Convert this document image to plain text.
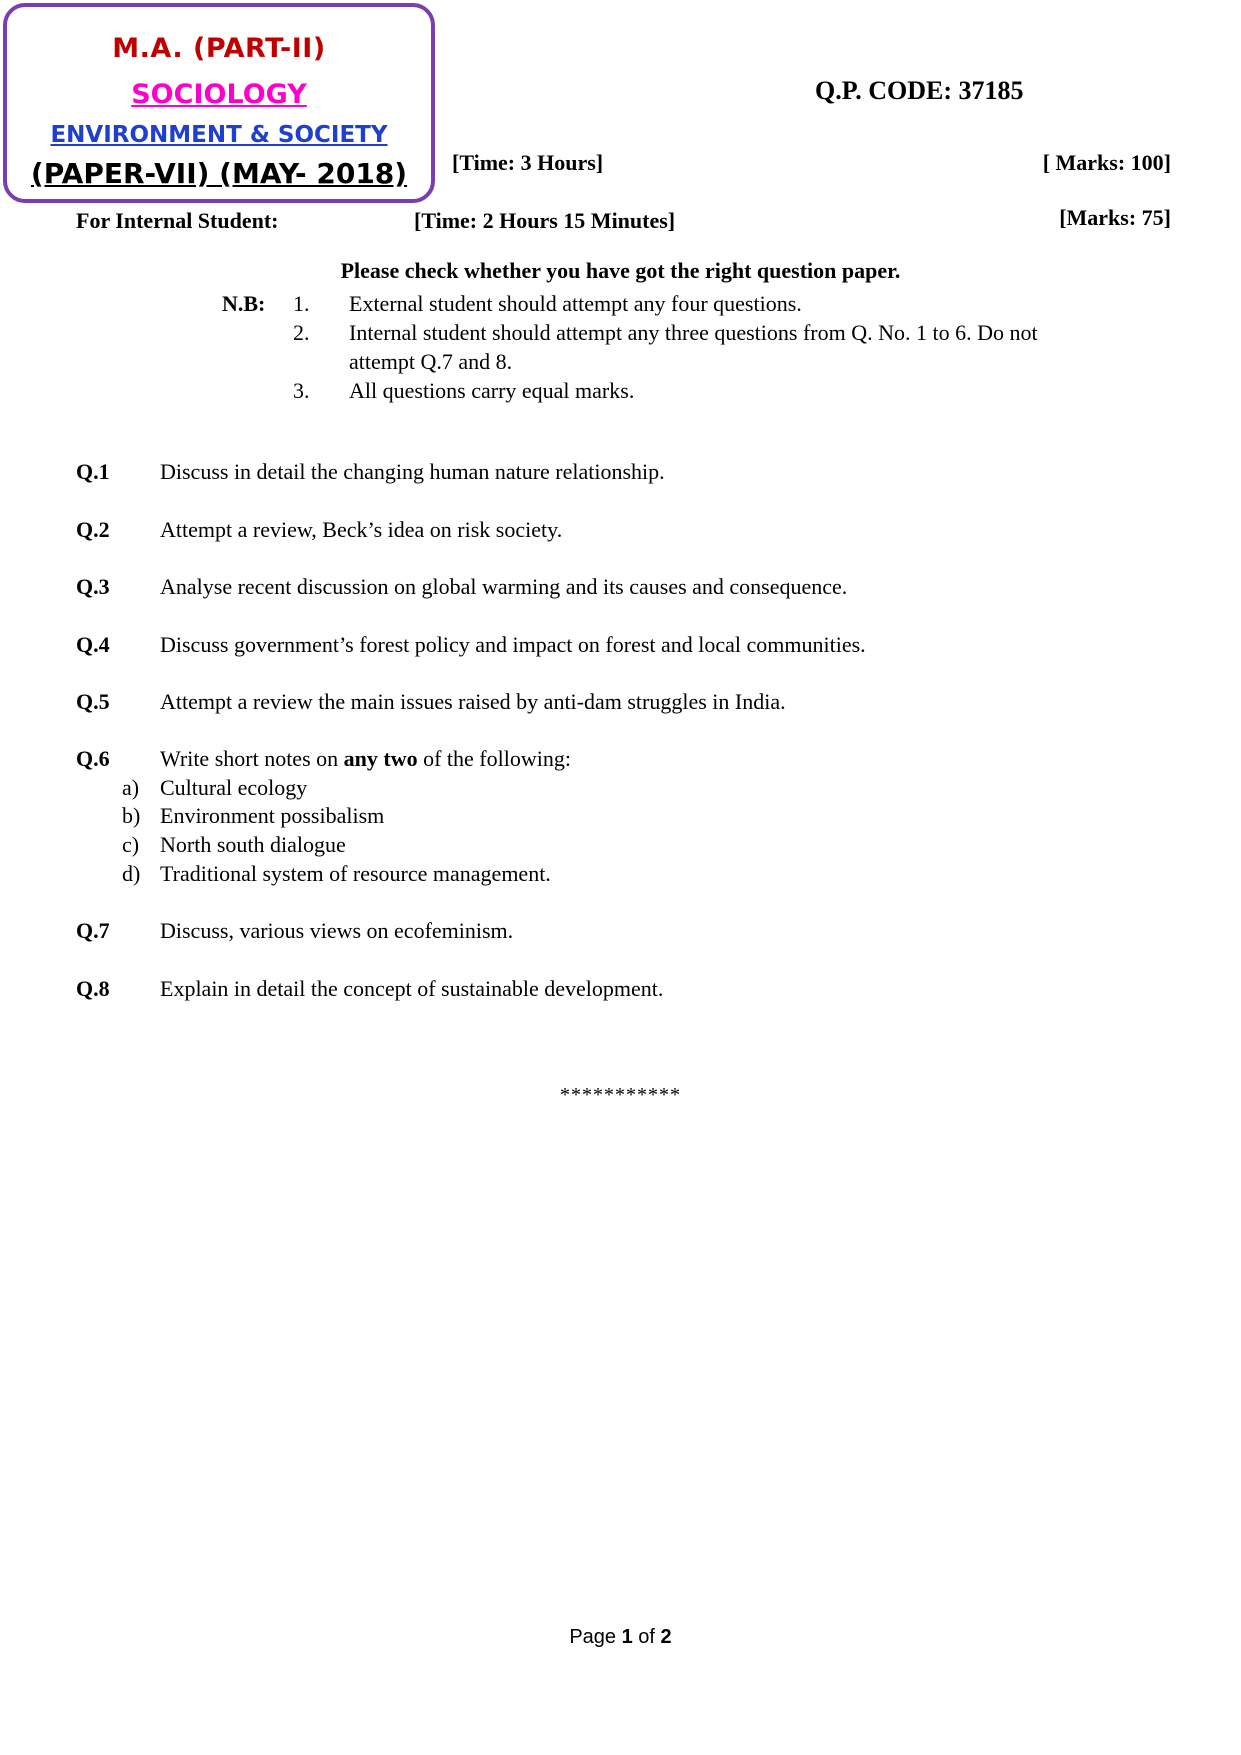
M.A. (PART-II)
SOCIOLOGY
ENVIRONMENT & SOCIETY
(PAPER-VII) (MAY- 2018)
Q.P. CODE: 37185
[Time: 3 Hours]	[ Marks: 100]
For Internal Student:	[Time: 2 Hours 15 Minutes]	[Marks: 75]
Please check whether you have got the right question paper.
N.B: 1. External student should attempt any four questions.
2. Internal student should attempt any three questions from Q. No. 1 to 6. Do not
attempt Q.7 and 8.
3. All questions carry equal marks.
Q.1 Discuss in detail the changing human nature relationship.
Q.2 Attempt a review, Beck’s idea on risk society.
Q.3 Analyse recent discussion on global warming and its causes and consequence.
Q.4 Discuss government’s forest policy and impact on forest and local communities.
Q.5 Attempt a review the main issues raised by anti-dam struggles in India.
Q.6 Write short notes on any two of the following:
a) Cultural ecology
b) Environment possibalism
c) North south dialogue
d) Traditional system of resource management.
Q.7 Discuss, various views on ecofeminism.
Q.8 Explain in detail the concept of sustainable development.
***********
Page 1 of 2
